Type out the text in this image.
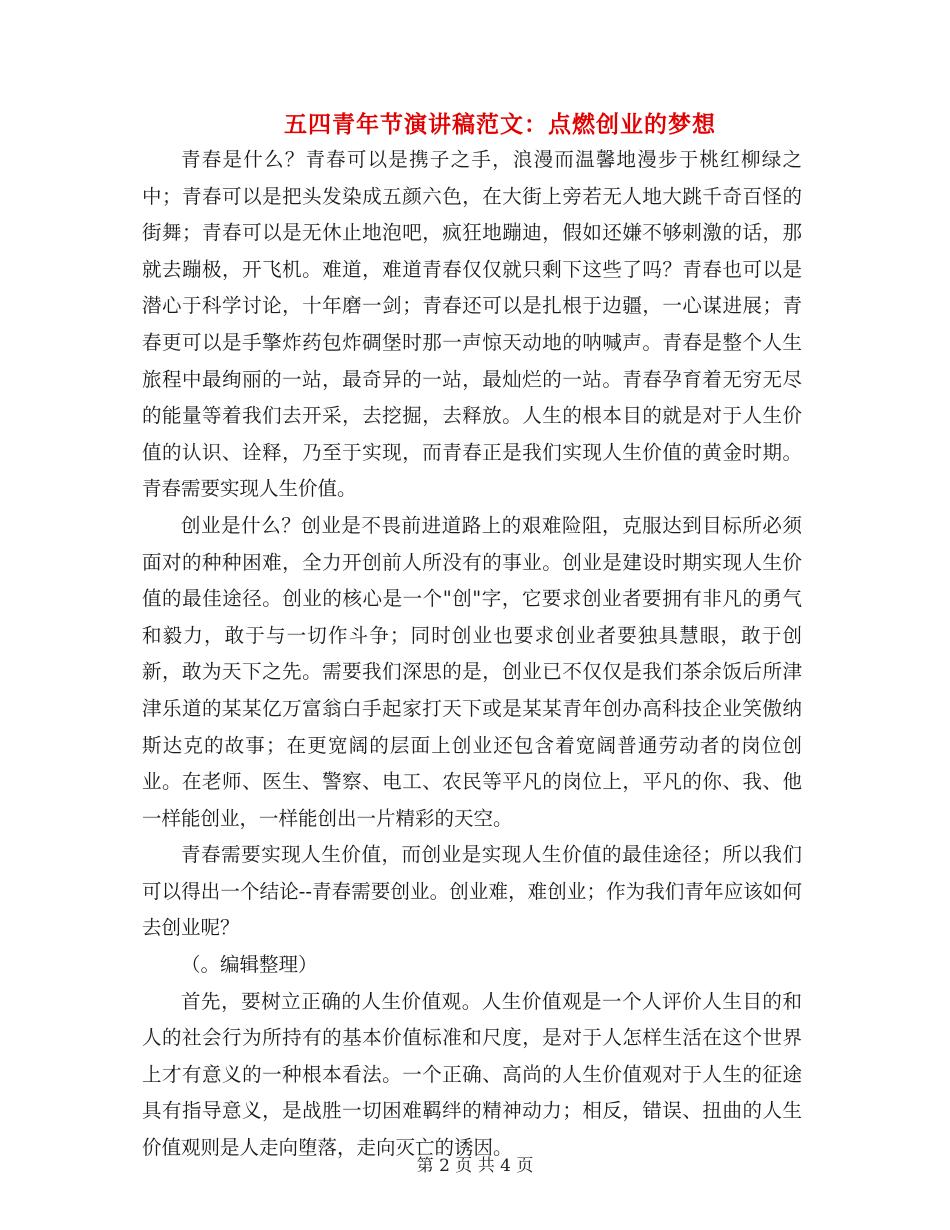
五四青年节演讲稿范文：点燃创业的梦想

青春是什么？青春可以是携子之手，浪漫而温馨地漫步于桃红柳绿之中；青春可以是把头发染成五颜六色，在大街上旁若无人地大跳千奇百怪的街舞；青春可以是无休止地泡吧，疯狂地蹦迪，假如还嫌不够刺激的话，那就去蹦极，开飞机。难道，难道青春仅仅就只剩下这些了吗？青春也可以是潜心于科学讨论，十年磨一剑；青春还可以是扎根于边疆，一心谋进展；青春更可以是手擎炸药包炸碉堡时那一声惊天动地的呐喊声。青春是整个人生旅程中最绚丽的一站，最奇异的一站，最灿烂的一站。青春孕育着无穷无尽的能量等着我们去开采，去挖掘，去释放。人生的根本目的就是对于人生价值的认识、诠释，乃至于实现，而青春正是我们实现人生价值的黄金时期。青春需要实现人生价值。

创业是什么？创业是不畏前进道路上的艰难险阻，克服达到目标所必须面对的种种困难，全力开创前人所没有的事业。创业是建设时期实现人生价值的最佳途径。创业的核心是一个"创"字，它要求创业者要拥有非凡的勇气和毅力，敢于与一切作斗争；同时创业也要求创业者要独具慧眼，敢于创新，敢为天下之先。需要我们深思的是，创业已不仅仅是我们茶余饭后所津津乐道的某某亿万富翁白手起家打天下或是某某青年创办高科技企业笑傲纳斯达克的故事；在更宽阔的层面上创业还包含着宽阔普通劳动者的岗位创业。在老师、医生、警察、电工、农民等平凡的岗位上，平凡的你、我、他一样能创业，一样能创出一片精彩的天空。

青春需要实现人生价值，而创业是实现人生价值的最佳途径；所以我们可以得出一个结论--青春需要创业。创业难，难创业；作为我们青年应该如何去创业呢？

（。编辑整理）

首先，要树立正确的人生价值观。人生价值观是一个人评价人生目的和人的社会行为所持有的基本价值标准和尺度，是对于人怎样生活在这个世界上才有意义的一种根本看法。一个正确、高尚的人生价值观对于人生的征途具有指导意义，是战胜一切困难羁绊的精神动力；相反，错误、扭曲的人生价值观则是人走向堕落，走向灭亡的诱因。

第 2 页 共 4 页
